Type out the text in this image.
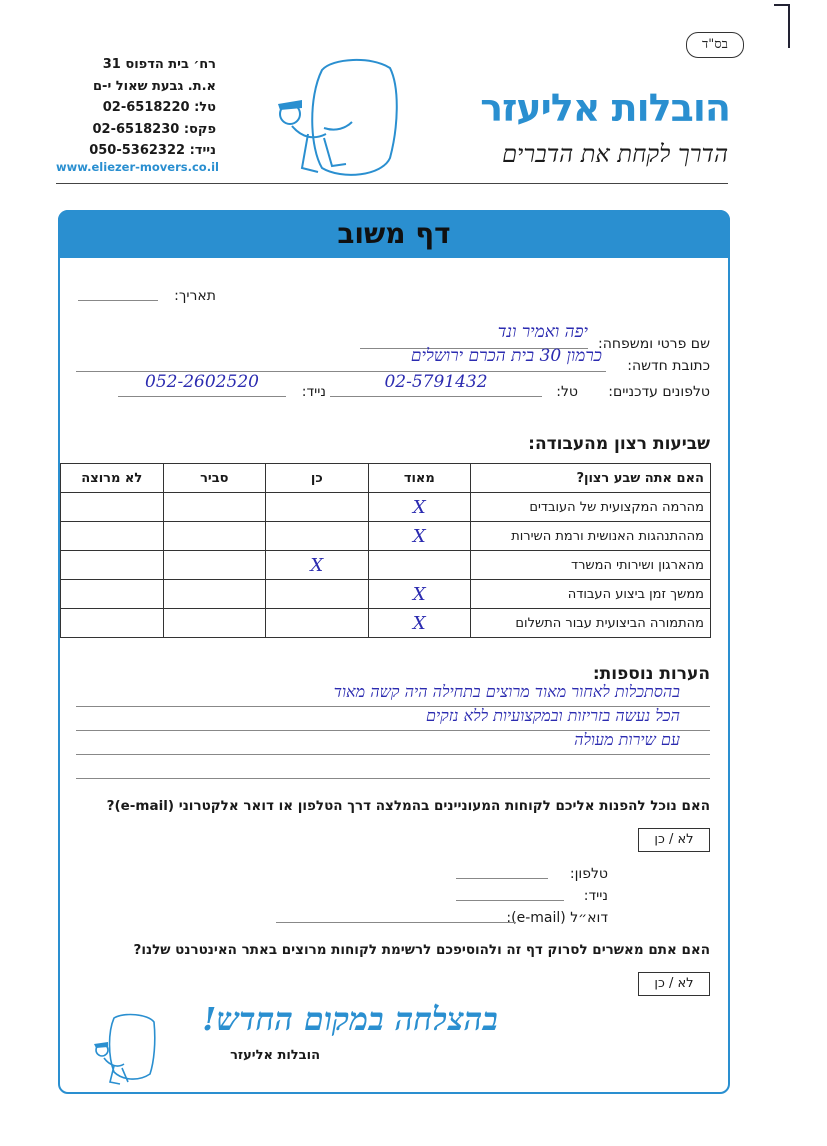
בס"ד
רח׳ בית הדפוס 31
א.ת. גבעת שאול י-ם
טל: 02-6518220
פקס: 02-6518230
נייד: 050-5362322
www.eliezer-movers.co.il
הובלות אליעזר
הדרך לקחת את הדברים
דף משוב
תאריך:
שם פרטי ומשפחה:
יפה ואמיר ונד
כתובת חדשה:
כרמון 30 בית הכרם ירושלים
טלפונים עדכניים:
טל:
02-5791432
נייד:
052-2602520
שביעות רצון מהעבודה:
האם אתה שבע רצון?	מאוד	כן	סביר	לא מרוצה
מהרמה המקצועית של העובדים	X			
מההתנהגות האנושית ורמת השירות	X			
מהארגון ושירותי המשרד		X		
ממשך זמן ביצוע העבודה	X			
מהתמורה הביצועית עבור התשלום	X			
הערות נוספות:
בהסתכלות לאחור מאוד מרוצים בתחילה היה קשה מאוד
הכל נעשה בזריזות ובמקצועיות ללא נזקים
עם שירות מעולה
האם נוכל להפנות אליכם לקוחות המעוניינים בהמלצה דרך הטלפון או דואר אלקטרוני (e-mail)?
לא / כן
טלפון:
נייד:
דוא״ל (e-mail):
האם אתם מאשרים לסרוק דף זה ולהוסיפכם לרשימת לקוחות מרוצים באתר האינטרנט שלנו?
לא / כן
בהצלחה במקום החדש!
הובלות אליעזר
